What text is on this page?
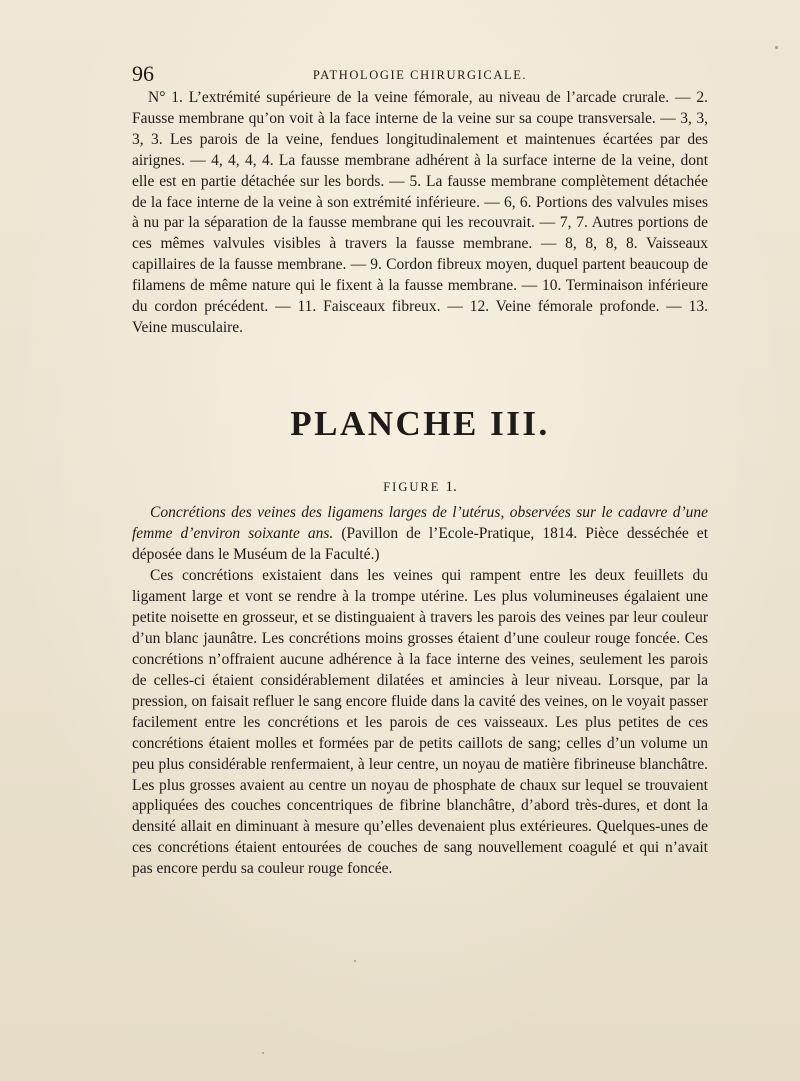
96	PATHOLOGIE CHIRURGICALE.

N° 1. L’extrémité supérieure de la veine fémorale, au niveau de l’arcade crurale. — 2. Fausse membrane qu’on voit à la face interne de la veine sur sa coupe transversale. — 3, 3, 3, 3. Les parois de la veine, fendues longitudinalement et maintenues écartées par des airignes. — 4, 4, 4, 4. La fausse membrane adhérent à la surface interne de la veine, dont elle est en partie détachée sur les bords. — 5. La fausse membrane complètement détachée de la face interne de la veine à son extrémité inférieure. — 6, 6. Portions des valvules mises à nu par la séparation de la fausse membrane qui les recouvrait. — 7, 7. Autres portions de ces mêmes valvules visibles à travers la fausse membrane. — 8, 8, 8, 8. Vaisseaux capillaires de la fausse membrane. — 9. Cordon fibreux moyen, duquel partent beaucoup de filamens de même nature qui le fixent à la fausse membrane. — 10. Terminaison inférieure du cordon précédent. — 11. Faisceaux fibreux. — 12. Veine fémorale profonde. — 13. Veine musculaire.

PLANCHE III.
FIGURE 1.

Concrétions des veines des ligamens larges de l’utérus, observées sur le cadavre d’une femme d’environ soixante ans. (Pavillon de l’Ecole-Pratique, 1814. Pièce desséchée et déposée dans le Muséum de la Faculté.)

Ces concrétions existaient dans les veines qui rampent entre les deux feuillets du ligament large et vont se rendre à la trompe utérine. Les plus volumineuses égalaient une petite noisette en grosseur, et se distinguaient à travers les parois des veines par leur couleur d’un blanc jaunâtre. Les concrétions moins grosses étaient d’une couleur rouge foncée. Ces concrétions n’offraient aucune adhérence à la face interne des veines, seulement les parois de celles-ci étaient considérablement dilatées et amincies à leur niveau. Lorsque, par la pression, on faisait refluer le sang encore fluide dans la cavité des veines, on le voyait passer facilement entre les concrétions et les parois de ces vaisseaux. Les plus petites de ces concrétions étaient molles et formées par de petits caillots de sang; celles d’un volume un peu plus considérable renfermaient, à leur centre, un noyau de matière fibrineuse blanchâtre. Les plus grosses avaient au centre un noyau de phosphate de chaux sur lequel se trouvaient appliquées des couches concentriques de fibrine blanchâtre, d’abord très-dures, et dont la densité allait en diminuant à mesure qu’elles devenaient plus extérieures. Quelques-unes de ces concrétions étaient entourées de couches de sang nouvellement coagulé et qui n’avait pas encore perdu sa couleur rouge foncée.
